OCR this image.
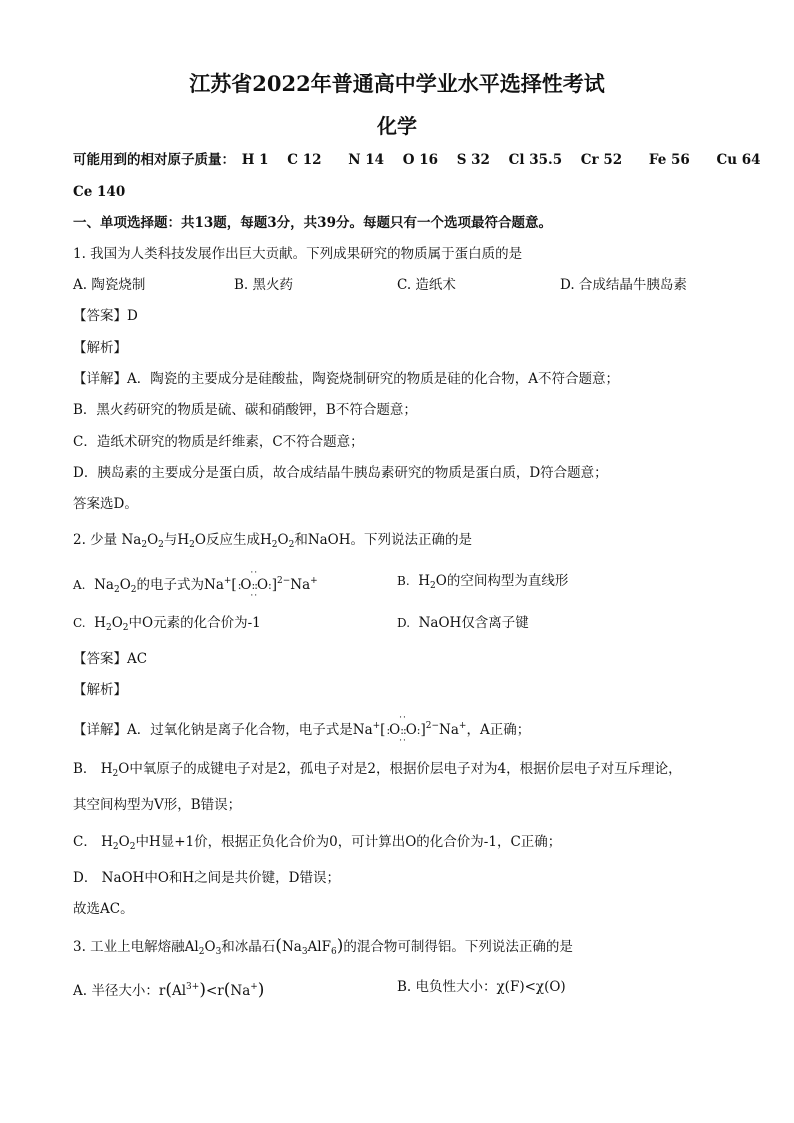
江苏省2022年普通高中学业水平选择性考试
化学
可能用到的相对原子质量： H 1 C 12 N 14 O 16 S 32 Cl 35.5 Cr 52 Fe 56 Cu 64
Ce 140
一、单项选择题：共13题，每题3分，共39分。每题只有一个选项最符合题意。
1. 我国为人类科技发展作出巨大贡献。下列成果研究的物质属于蛋白质的是
A. 陶瓷烧制	B. 黑火药	C. 造纸术	D. 合成结晶牛胰岛素
【答案】D
【解析】
【详解】A．陶瓷的主要成分是硅酸盐，陶瓷烧制研究的物质是硅的化合物，A不符合题意；
B．黑火药研究的物质是硫、碳和硝酸钾，B不符合题意；
C．造纸术研究的物质是纤维素，C不符合题意；
D．胰岛素的主要成分是蛋白质，故合成结晶牛胰岛素研究的物质是蛋白质，D符合题意；
答案选D。
2. 少量 $Na_2O_2$与$H_2O$反应生成$H_2O_2$和NaOH。下列说法正确的是
A. $Na_2O_2$的电子式为Na+[
··
:O::O:
··
]$^{2-}$Na+	B. $H_2O$的空间构型为直线形
C. $H_2O_2$中O元素的化合价为-1	D. NaOH仅含离子键
【答案】AC
【解析】
【详解】A．过氧化钠是离子化合物，电子式是Na+[
··
:O::O:
··
]$^{2-}$Na+，A正确；
B． $H_2O$中氧原子的成键电子对是2，孤电子对是2，根据价层电子对为4，根据价层电子对互斥理论，
其空间构型为V形，B错误；
C． $H_2O_2$中H显+1价，根据正负化合价为0，可计算出O的化合价为-1，C正确；
D． NaOH中O和H之间是共价键，D错误；
故选AC。
3. 工业上电解熔融$Al_2O_3$和冰晶石$(Na_3AlF_6)$的混合物可制得铝。下列说法正确的是
A. 半径大小：$r(Al^{3+})<r(Na^+)$	B. 电负性大小：χ(F)<χ(O)
